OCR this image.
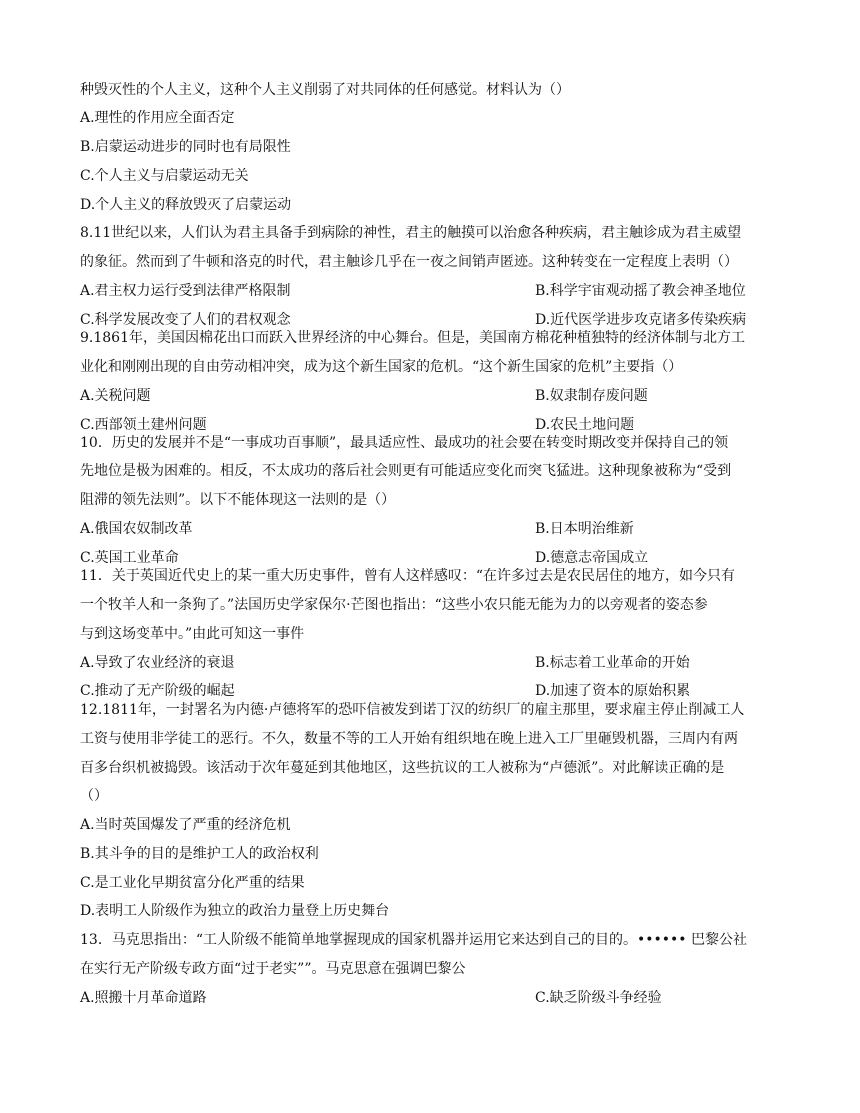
种毁灭性的个人主义，这种个人主义削弱了对共同体的任何感觉。材料认为（）
A.理性的作用应全面否定
B.启蒙运动进步的同时也有局限性
C.个人主义与启蒙运动无关
D.个人主义的释放毁灭了启蒙运动
8.11世纪以来，人们认为君主具备手到病除的神性，君主的触摸可以治愈各种疾病，君主触诊成为君主威望
的象征。然而到了牛顿和洛克的时代，君主触诊几乎在一夜之间销声匿迹。这种转变在一定程度上表明（）
A.君主权力运行受到法律严格限制	B.科学宇宙观动摇了教会神圣地位
C.科学发展改变了人们的君权观念	D.近代医学进步攻克诸多传染疾病
9.1861年，美国因棉花出口而跃入世界经济的中心舞台。但是，美国南方棉花种植独特的经济体制与北方工
业化和刚刚出现的自由劳动相冲突，成为这个新生国家的危机。“这个新生国家的危机”主要指（）
A.关税问题	B.奴隶制存废问题
C.西部领土建州问题	D.农民土地问题
10．历史的发展并不是“一事成功百事顺”，最具适应性、最成功的社会要在转变时期改变并保持自己的领
先地位是极为困难的。相反，不太成功的落后社会则更有可能适应变化而突飞猛进。这种现象被称为“受到
阻滞的领先法则”。以下不能体现这一法则的是（）
A.俄国农奴制改革	B.日本明治维新
C.英国工业革命	D.德意志帝国成立
11．关于英国近代史上的某一重大历史事件，曾有人这样感叹：“在许多过去是农民居住的地方，如今只有
一个牧羊人和一条狗了。”法国历史学家保尔·芒图也指出：“这些小农只能无能为力的以旁观者的姿态参
与到这场变革中。”由此可知这一事件
A.导致了农业经济的衰退	B.标志着工业革命的开始
C.推动了无产阶级的崛起	D.加速了资本的原始积累
12.1811年，一封署名为内德·卢德将军的恐吓信被发到诺丁汉的纺织厂的雇主那里，要求雇主停止削减工人
工资与使用非学徒工的恶行。不久，数量不等的工人开始有组织地在晚上进入工厂里砸毁机器，三周内有两
百多台织机被捣毁。该活动于次年蔓延到其他地区，这些抗议的工人被称为“卢德派”。对此解读正确的是
（）
A.当时英国爆发了严重的经济危机
B.其斗争的目的是维护工人的政治权利
C.是工业化早期贫富分化严重的结果
D.表明工人阶级作为独立的政治力量登上历史舞台
13．马克思指出：“工人阶级不能简单地掌握现成的国家机器并运用它来达到自己的目的。•••••• 巴黎公社
在实行无产阶级专政方面“过于老实””。马克思意在强调巴黎公
A.照搬十月革命道路	C.缺乏阶级斗争经验
